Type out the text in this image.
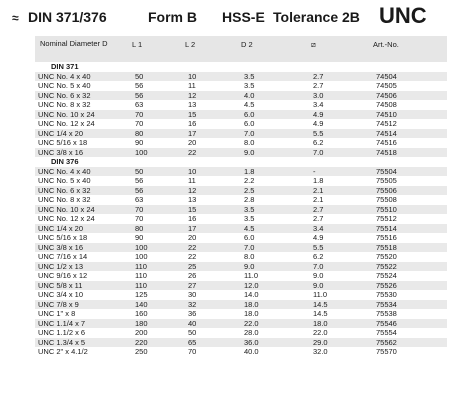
≈ DIN 371/376	Form B HSS-E Tolerance 2B UNC
Nominal Diameter D	L 1	L 2	D 2	⧄	Art.-No.
DIN 371
UNC No. 4 x 40	50	10	3.5	2.7	74504
UNC No. 5 x 40	56	11	3.5	2.7	74505
UNC No. 6 x 32	56	12	4.0	3.0	74506
UNC No. 8 x 32	63	13	4.5	3.4	74508
UNC No. 10 x 24	70	15	6.0	4.9	74510
UNC No. 12 x 24	70	16	6.0	4.9	74512
UNC 1/4 x 20	80	17	7.0	5.5	74514
UNC 5/16 x 18	90	20	8.0	6.2	74516
UNC 3/8 x 16	100	22	9.0	7.0	74518
DIN 376
UNC No. 4 x 40	50	10	1.8	-	75504
UNC No. 5 x 40	56	11	2.2	1.8	75505
UNC No. 6 x 32	56	12	2.5	2.1	75506
UNC No. 8 x 32	63	13	2.8	2.1	75508
UNC No. 10 x 24	70	15	3.5	2.7	75510
UNC No. 12 x 24	70	16	3.5	2.7	75512
UNC 1/4 x 20	80	17	4.5	3.4	75514
UNC 5/16 x 18	90	20	6.0	4.9	75516
UNC 3/8 x 16	100	22	7.0	5.5	75518
UNC 7/16 x 14	100	22	8.0	6.2	75520
UNC 1/2 x 13	110	25	9.0	7.0	75522
UNC 9/16 x 12	110	26	11.0	9.0	75524
UNC 5/8 x 11	110	27	12.0	9.0	75526
UNC 3/4 x 10	125	30	14.0	11.0	75530
UNC 7/8 x 9	140	32	18.0	14.5	75534
UNC 1" x 8	160	36	18.0	14.5	75538
UNC 1.1/4 x 7	180	40	22.0	18.0	75546
UNC 1.1/2 x 6	200	50	28.0	22.0	75554
UNC 1.3/4 x 5	220	65	36.0	29.0	75562
UNC 2" x 4.1/2	250	70	40.0	32.0	75570
